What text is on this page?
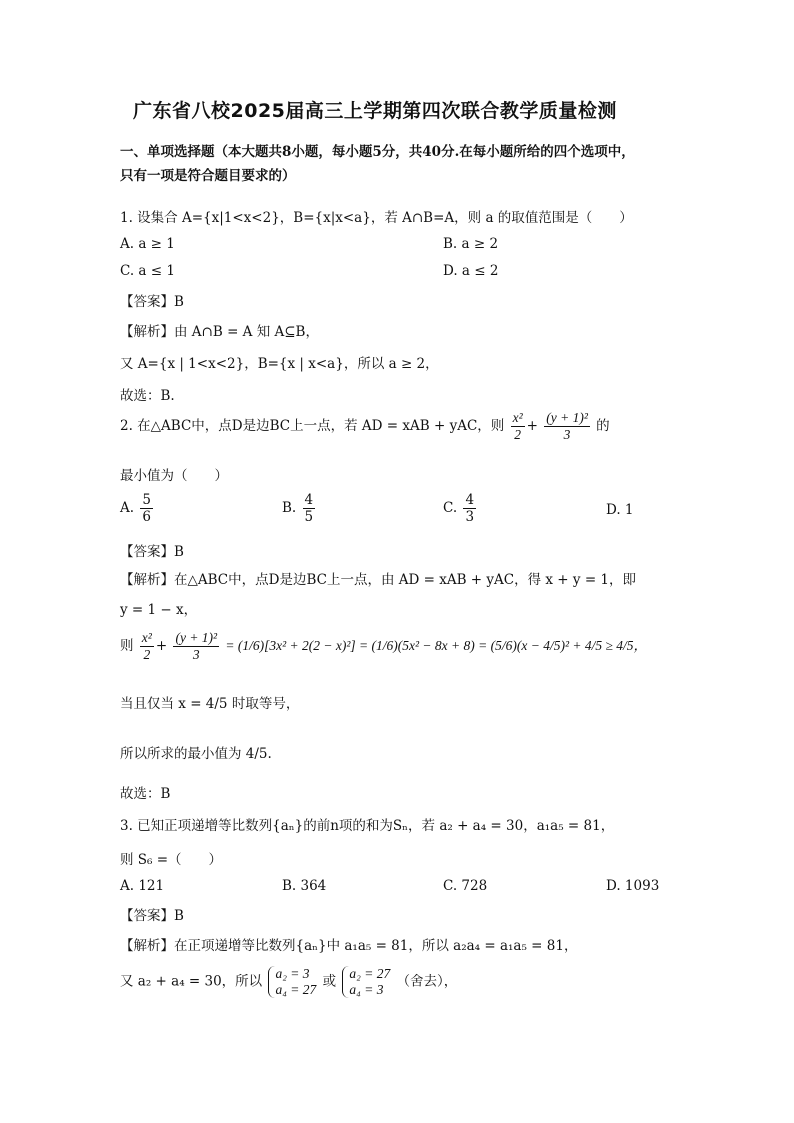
广东省八校2025届高三上学期第四次联合教学质量检测
一、单项选择题（本大题共8小题，每小题5分，共40分.在每小题所给的四个选项中，
只有一项是符合题目要求的）
1. 设集合 A={x|1<x<2}，B={x|x<a}，若 A∩B=A，则 a 的取值范围是（　　）
A. a ≥ 1	B. a ≥ 2
C. a ≤ 1	D. a ≤ 2
【答案】B
【解析】由 A∩B = A 知 A⊆B，
又 A={x | 1<x<2}，B={x | x<a}，所以 a ≥ 2，
故选：B.
2. 在△ABC中，点D是边BC上一点，若 AD = xAB + yAC，则 $\frac{\text{x²}}{2} + \frac{\text{(y + 1)²}}{3}$ 的
最小值为（　　）
A. $\frac{5}{6}$	B. $\frac{4}{5}$	C. $\frac{4}{3}$	D. 1
【答案】B
【解析】在△ABC中，点D是边BC上一点，由 AD = xAB + yAC，得 x + y = 1，即
y = 1 − x，
则 $\frac{\text{x²}}{2} + \frac{\text{(y + 1)²}}{3} = (1/6)[3x^2 + 2(2 - x)^2] = (1/6)(5x^2 - 8x + 8) = (5/6)(x - 4/5)^2 + 4/5 \ge 4/5$，
当且仅当 x = 4/5 时取等号，
所以所求的最小值为 4/5.
故选：B
3. 已知正项递增等比数列{aₙ}的前n项的和为Sₙ，若 a₂ + a₄ = 30，a₁a₅ = 81，
则 S₆ =（　　）
A. 121	B. 364	C. 728	D. 1093
【答案】B
【解析】在正项递增等比数列{aₙ}中 a₁a₅ = 81，所以 a₂a₄ = a₁a₅ = 81，
又 a₂ + a₄ = 30，所以 a₂ = 3
a₄ = 27 或 a₂ = 27
a₄ = 3 （舍去），
